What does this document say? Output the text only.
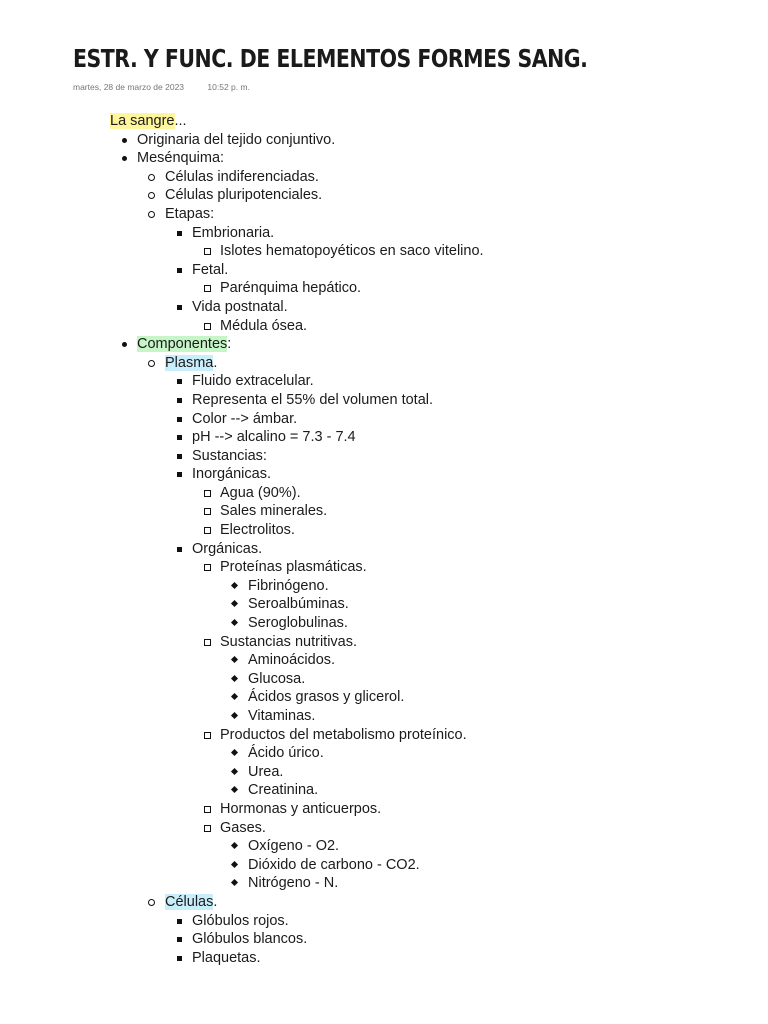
ESTR. Y FUNC. DE ELEMENTOS FORMES SANG.
martes, 28 de marzo de 2023	10:52 p. m.
La sangre...
Originaria del tejido conjuntivo.
Mesénquima:
Células indiferenciadas.
Células pluripotenciales.
Etapas:
Embrionaria.
Islotes hematopoyéticos en saco vitelino.
Fetal.
Parénquima hepático.
Vida postnatal.
Médula ósea.
Componentes:
Plasma.
Fluido extracelular.
Representa el 55% del volumen total.
Color --> ámbar.
pH --> alcalino = 7.3 - 7.4
Sustancias:
Inorgánicas.
Agua (90%).
Sales minerales.
Electrolitos.
Orgánicas.
Proteínas plasmáticas.
Fibrinógeno.
Seroalbúminas.
Seroglobulinas.
Sustancias nutritivas.
Aminoácidos.
Glucosa.
Ácidos grasos y glicerol.
Vitaminas.
Productos del metabolismo proteínico.
Ácido úrico.
Urea.
Creatinina.
Hormonas y anticuerpos.
Gases.
Oxígeno - O2.
Dióxido de carbono - CO2.
Nitrógeno - N.
Células.
Glóbulos rojos.
Glóbulos blancos.
Plaquetas.
